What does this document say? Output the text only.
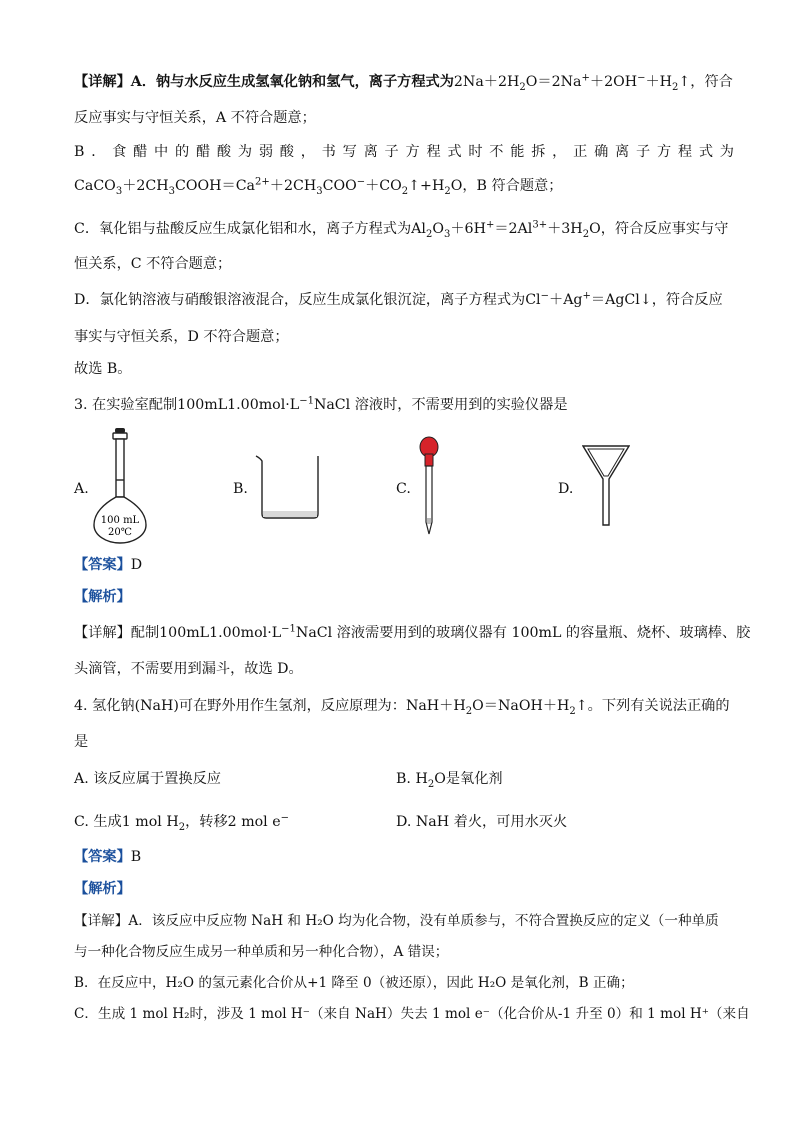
【详解】A．钠与水反应生成氢氧化钠和氢气，离子方程式为$2Na+2H_2O=2Na^++2OH^-+H_2↑$，符合
反应事实与守恒关系，A 不符合题意；
B．食醋中的醋酸为弱酸，书写离子方程式时不能拆，正确离子方程式为
$CaCO_3+2CH_3COOH=Ca^{2+}+2CH_3COO^-+CO_2↑+H_2O$，B 符合题意；
C．氧化铝与盐酸反应生成氯化铝和水，离子方程式为$Al_2O_3+6H^+=2Al^{3+}+3H_2O$，符合反应事实与守
恒关系，C 不符合题意；
D．氯化钠溶液与硝酸银溶液混合，反应生成氯化银沉淀，离子方程式为Cl−＋Ag+＝AgCl↓，符合反应
事实与守恒关系，D 不符合题意；
故选 B。
3. 在实验室配制$100mL1.00mol\cdot L^{-1}NaCl$ 溶液时，不需要用到的实验仪器是
A.
100 mL
20℃
B.	C.	D.
【答案】D
【解析】
【详解】配制$100mL1.00mol\cdot L^{-1}NaCl$ 溶液需要用到的玻璃仪器有 100mL 的容量瓶、烧杯、玻璃棒、胶
头滴管，不需要用到漏斗，故选 D。
4. 氢化钠(NaH)可在野外用作生氢剂，反应原理为：$NaH+H_2O=NaOH+H_2↑$。下列有关说法正确的
是
A. 该反应属于置换反应	B. $H_2O$是氧化剂
C. 生成1 mol $H_2$，转移2 mol e−	D. NaH 着火，可用水灭火
【答案】B
【解析】
【详解】A．该反应中反应物 NaH 和 H₂O 均为化合物，没有单质参与，不符合置换反应的定义（一种单质
与一种化合物反应生成另一种单质和另一种化合物），A 错误；
B．在反应中，H₂O 的氢元素化合价从+1 降至 0（被还原），因此 H₂O 是氧化剂，B 正确；
C．生成 1 mol H₂时，涉及 1 mol H⁻（来自 NaH）失去 1 mol e⁻（化合价从-1 升至 0）和 1 mol H⁺（来自
